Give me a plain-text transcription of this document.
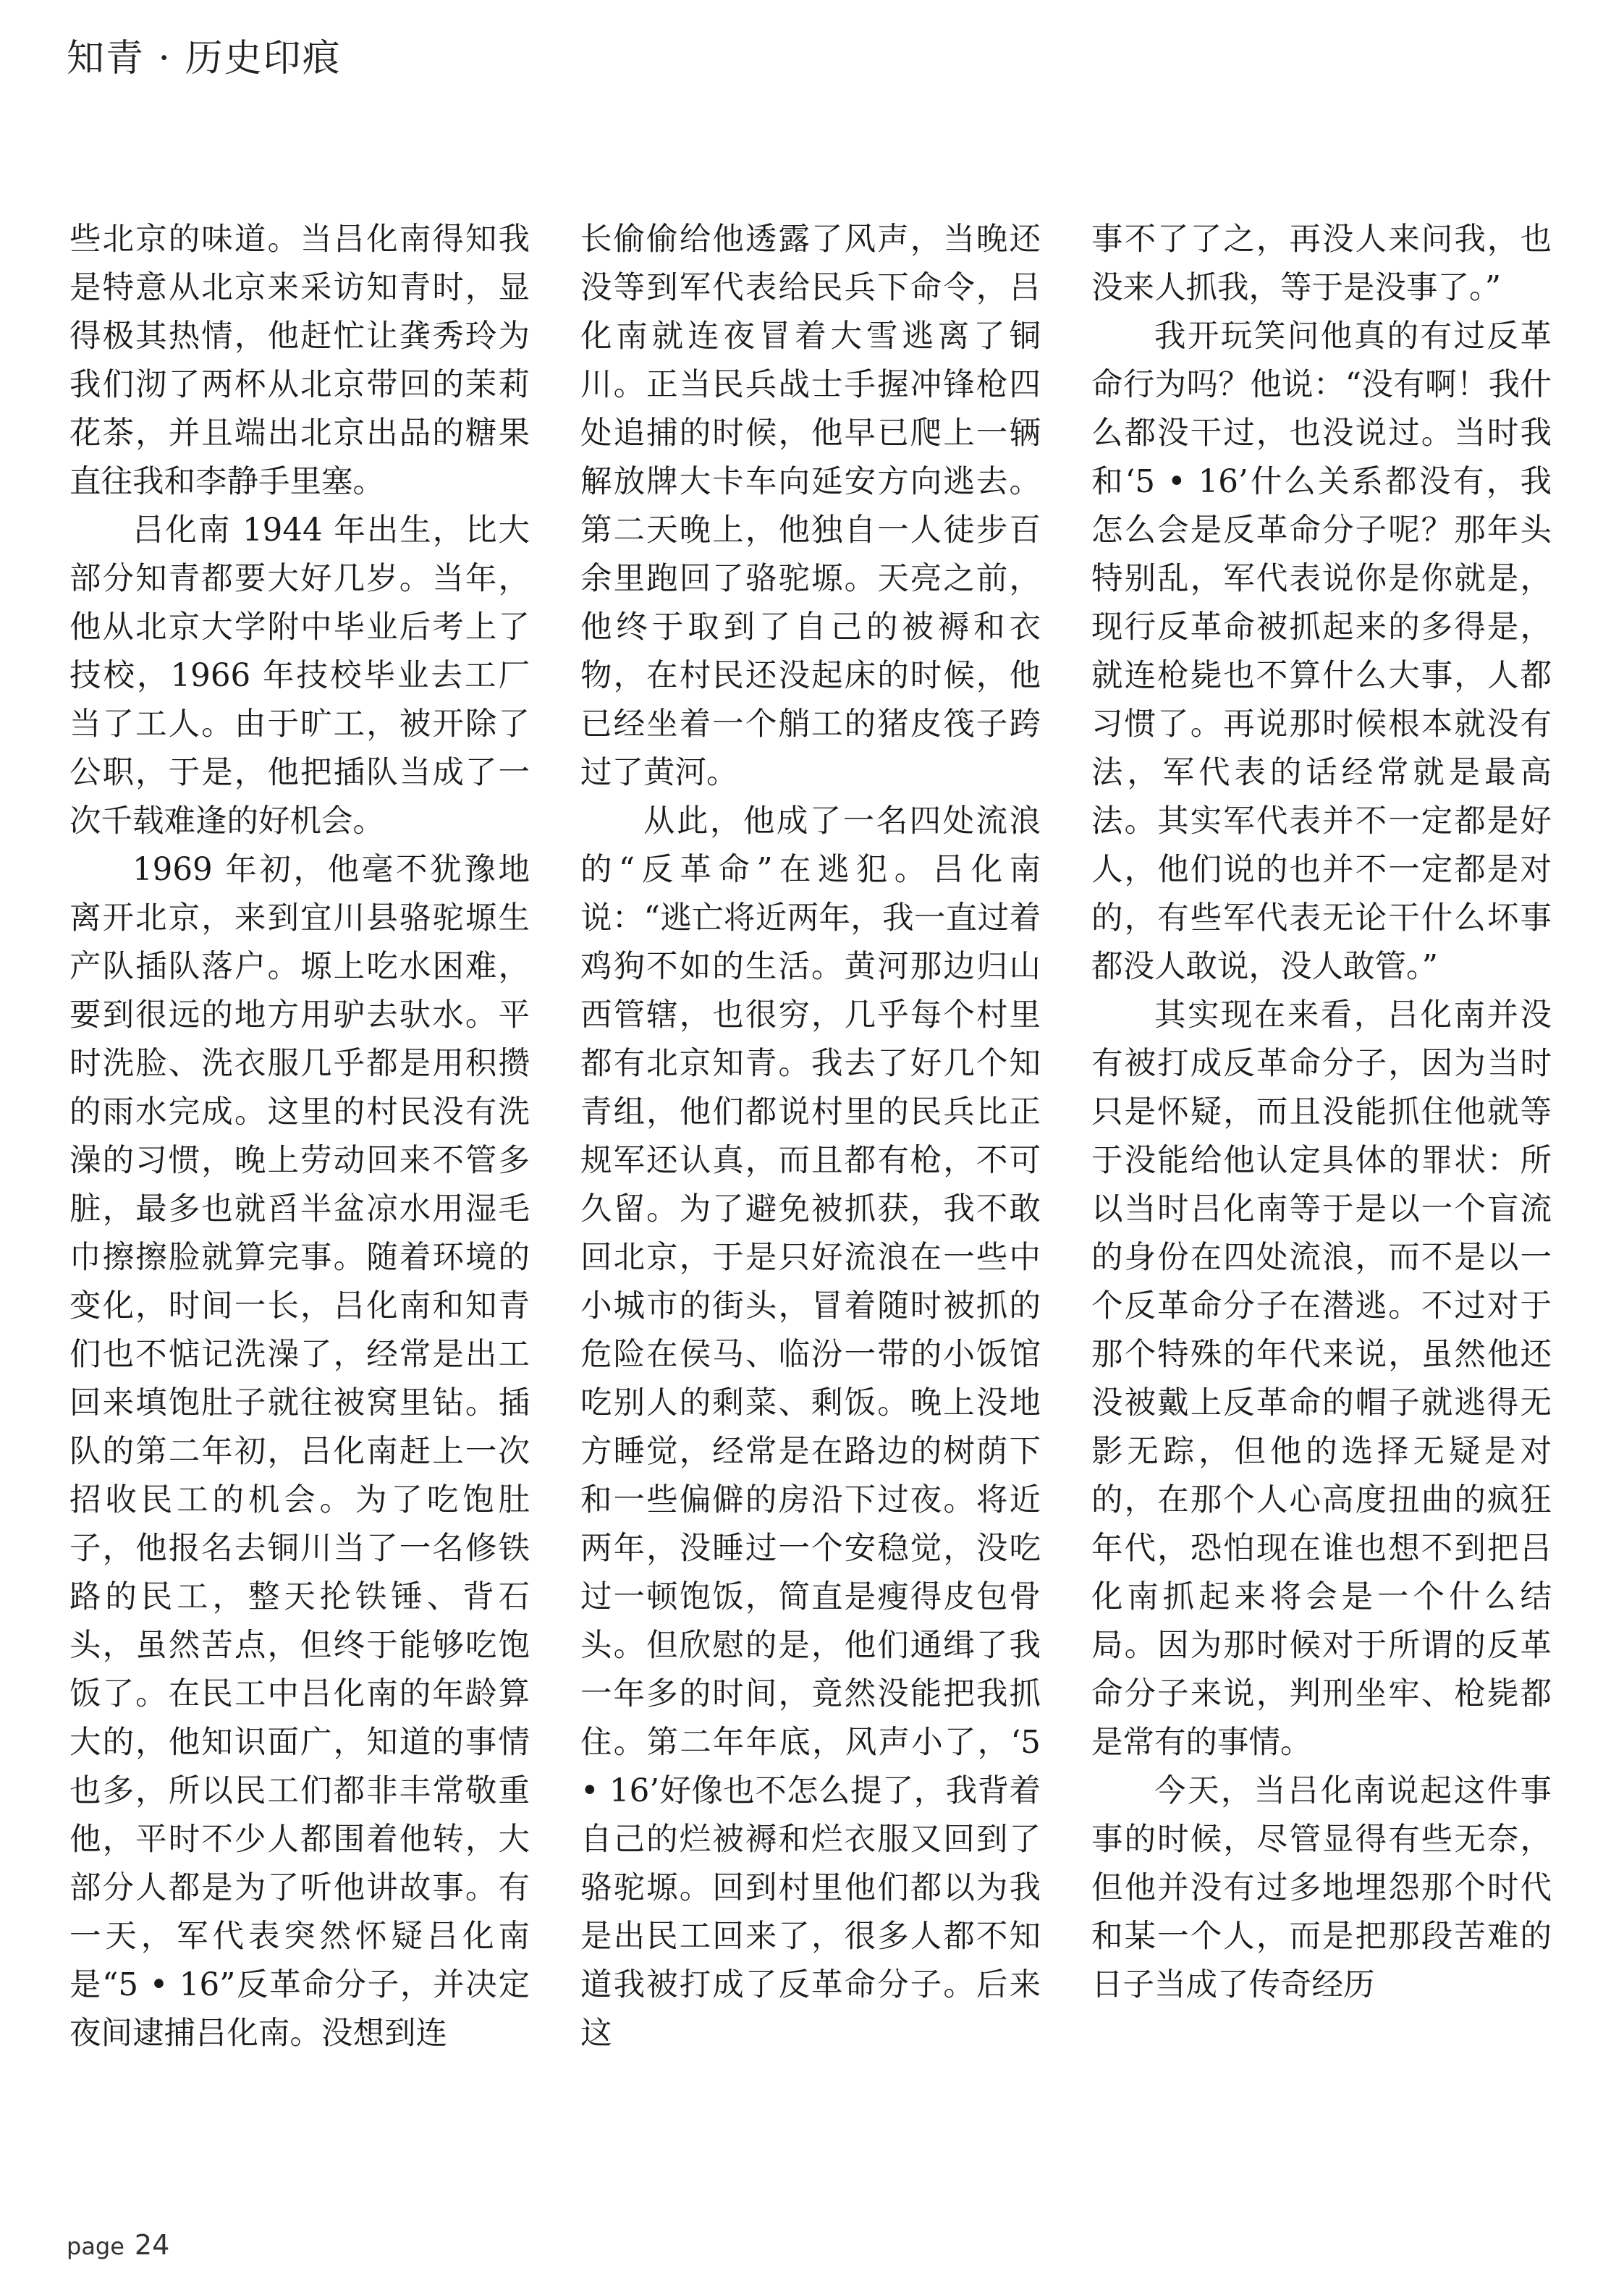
知青 · 历史印痕

些北京的味道。当吕化南得知我是特意从北京来采访知青时，显得极其热情，他赶忙让龚秀玲为我们沏了两杯从北京带回的茉莉花茶，并且端出北京出品的糖果直往我和李静手里塞。

吕化南 1944 年出生，比大部分知青都要大好几岁。当年，他从北京大学附中毕业后考上了技校，1966 年技校毕业去工厂当了工人。由于旷工，被开除了公职，于是，他把插队当成了一次千载难逢的好机会。

1969 年初，他毫不犹豫地离开北京，来到宜川县骆驼塬生产队插队落户。塬上吃水困难，要到很远的地方用驴去驮水。平时洗脸、洗衣服几乎都是用积攒的雨水完成。这里的村民没有洗澡的习惯，晚上劳动回来不管多脏，最多也就舀半盆凉水用湿毛巾擦擦脸就算完事。随着环境的变化，时间一长，吕化南和知青们也不惦记洗澡了，经常是出工回来填饱肚子就往被窝里钻。插队的第二年初，吕化南赶上一次招收民工的机会。为了吃饱肚子，他报名去铜川当了一名修铁路的民工，整天抡铁锤、背石头，虽然苦点，但终于能够吃饱饭了。在民工中吕化南的年龄算大的，他知识面广，知道的事情也多，所以民工们都非丰常敬重他，平时不少人都围着他转，大部分人都是为了听他讲故事。有一天，军代表突然怀疑吕化南是“5 • 16”反革命分子，并决定夜间逮捕吕化南。没想到连

长偷偷给他透露了风声，当晚还没等到军代表给民兵下命令，吕化南就连夜冒着大雪逃离了铜川。正当民兵战士手握冲锋枪四处追捕的时候，他早已爬上一辆解放牌大卡车向延安方向逃去。第二天晚上，他独自一人徒步百余里跑回了骆驼塬。天亮之前，他终于取到了自己的被褥和衣物，在村民还没起床的时候，他已经坐着一个艄工的猪皮筏子跨过了黄河。

从此，他成了一名四处流浪的“反革命”在逃犯。吕化南说：“逃亡将近两年，我一直过着鸡狗不如的生活。黄河那边归山西管辖，也很穷，几乎每个村里都有北京知青。我去了好几个知青组，他们都说村里的民兵比正规军还认真，而且都有枪，不可久留。为了避免被抓获，我不敢回北京，于是只好流浪在一些中小城市的街头，冒着随时被抓的危险在侯马、临汾一带的小饭馆吃别人的剩菜、剩饭。晚上没地方睡觉，经常是在路边的树荫下和一些偏僻的房沿下过夜。将近两年，没睡过一个安稳觉，没吃过一顿饱饭，简直是瘦得皮包骨头。但欣慰的是，他们通缉了我一年多的时间，竟然没能把我抓住。第二年年底，风声小了，‘5 • 16’好像也不怎么提了，我背着自己的烂被褥和烂衣服又回到了骆驼塬。回到村里他们都以为我是出民工回来了，很多人都不知道我被打成了反革命分子。后来这

事不了了之，再没人来问我，也没来人抓我，等于是没事了。”

我开玩笑问他真的有过反革命行为吗？他说：“没有啊！我什么都没干过，也没说过。当时我和‘5 • 16’什么关系都没有，我怎么会是反革命分子呢？那年头特别乱，军代表说你是你就是，现行反革命被抓起来的多得是，就连枪毙也不算什么大事，人都习惯了。再说那时候根本就没有法，军代表的话经常就是最高法。其实军代表并不一定都是好人，他们说的也并不一定都是对的，有些军代表无论干什么坏事都没人敢说，没人敢管。”

其实现在来看，吕化南并没有被打成反革命分子，因为当时只是怀疑，而且没能抓住他就等于没能给他认定具体的罪状：所以当时吕化南等于是以一个盲流的身份在四处流浪，而不是以一个反革命分子在潜逃。不过对于那个特殊的年代来说，虽然他还没被戴上反革命的帽子就逃得无影无踪，但他的选择无疑是对的，在那个人心高度扭曲的疯狂年代，恐怕现在谁也想不到把吕化南抓起来将会是一个什么结局。因为那时候对于所谓的反革命分子来说，判刑坐牢、枪毙都是常有的事情。

今天，当吕化南说起这件事事的时候，尽管显得有些无奈，但他并没有过多地埋怨那个时代和某一个人，而是把那段苦难的日子当成了传奇经历

page 24
